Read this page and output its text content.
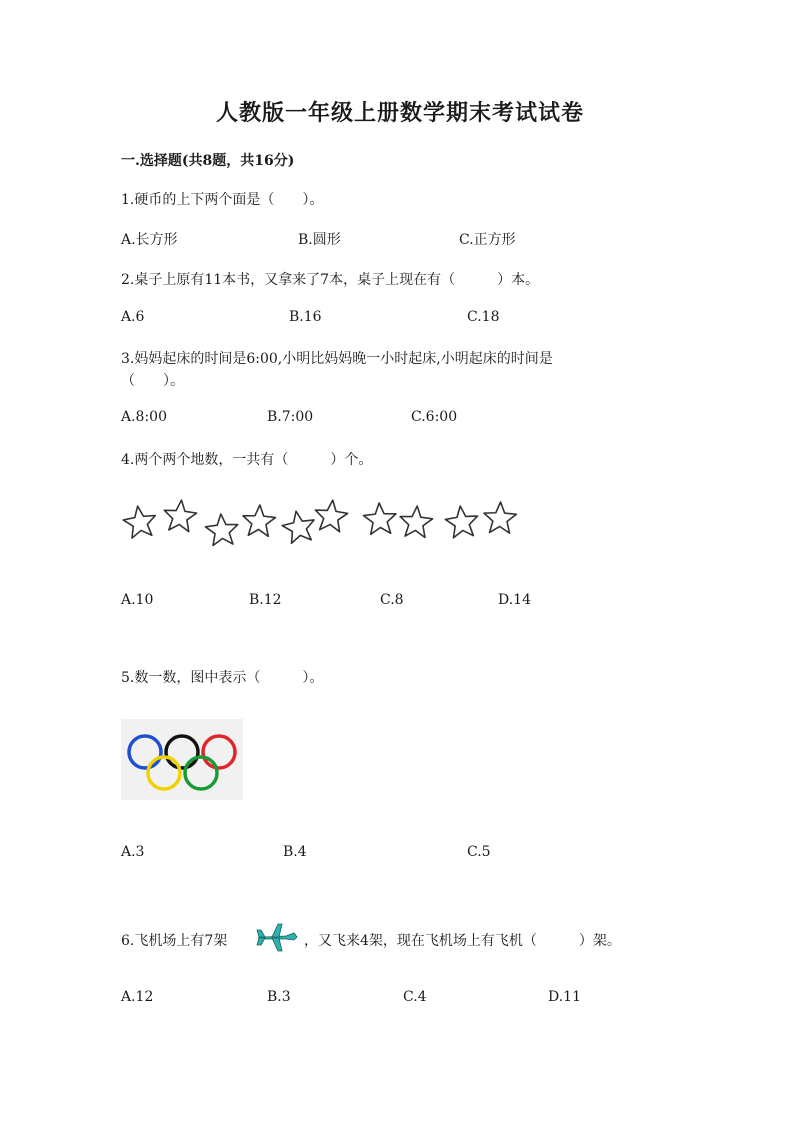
人教版一年级上册数学期末考试试卷
一.选择题(共8题，共16分)
1.硬币的上下两个面是（　　）。
A.长方形	B.圆形	C.正方形
2.桌子上原有11本书，又拿来了7本，桌子上现在有（　　　）本。
A.6	B.16	C.18
3.妈妈起床的时间是6:00,小明比妈妈晚一小时起床,小明起床的时间是
（　　）。
A.8:00	B.7:00	C.6:00
4.两个两个地数，一共有（　　　）个。
A.10	B.12	C.8	D.14
5.数一数，图中表示（　　　）。
A.3	B.4	C.5
6.飞机场上有7架	，又飞来4架，现在飞机场上有飞机（　　　）架。
A.12	B.3	C.4	D.11
